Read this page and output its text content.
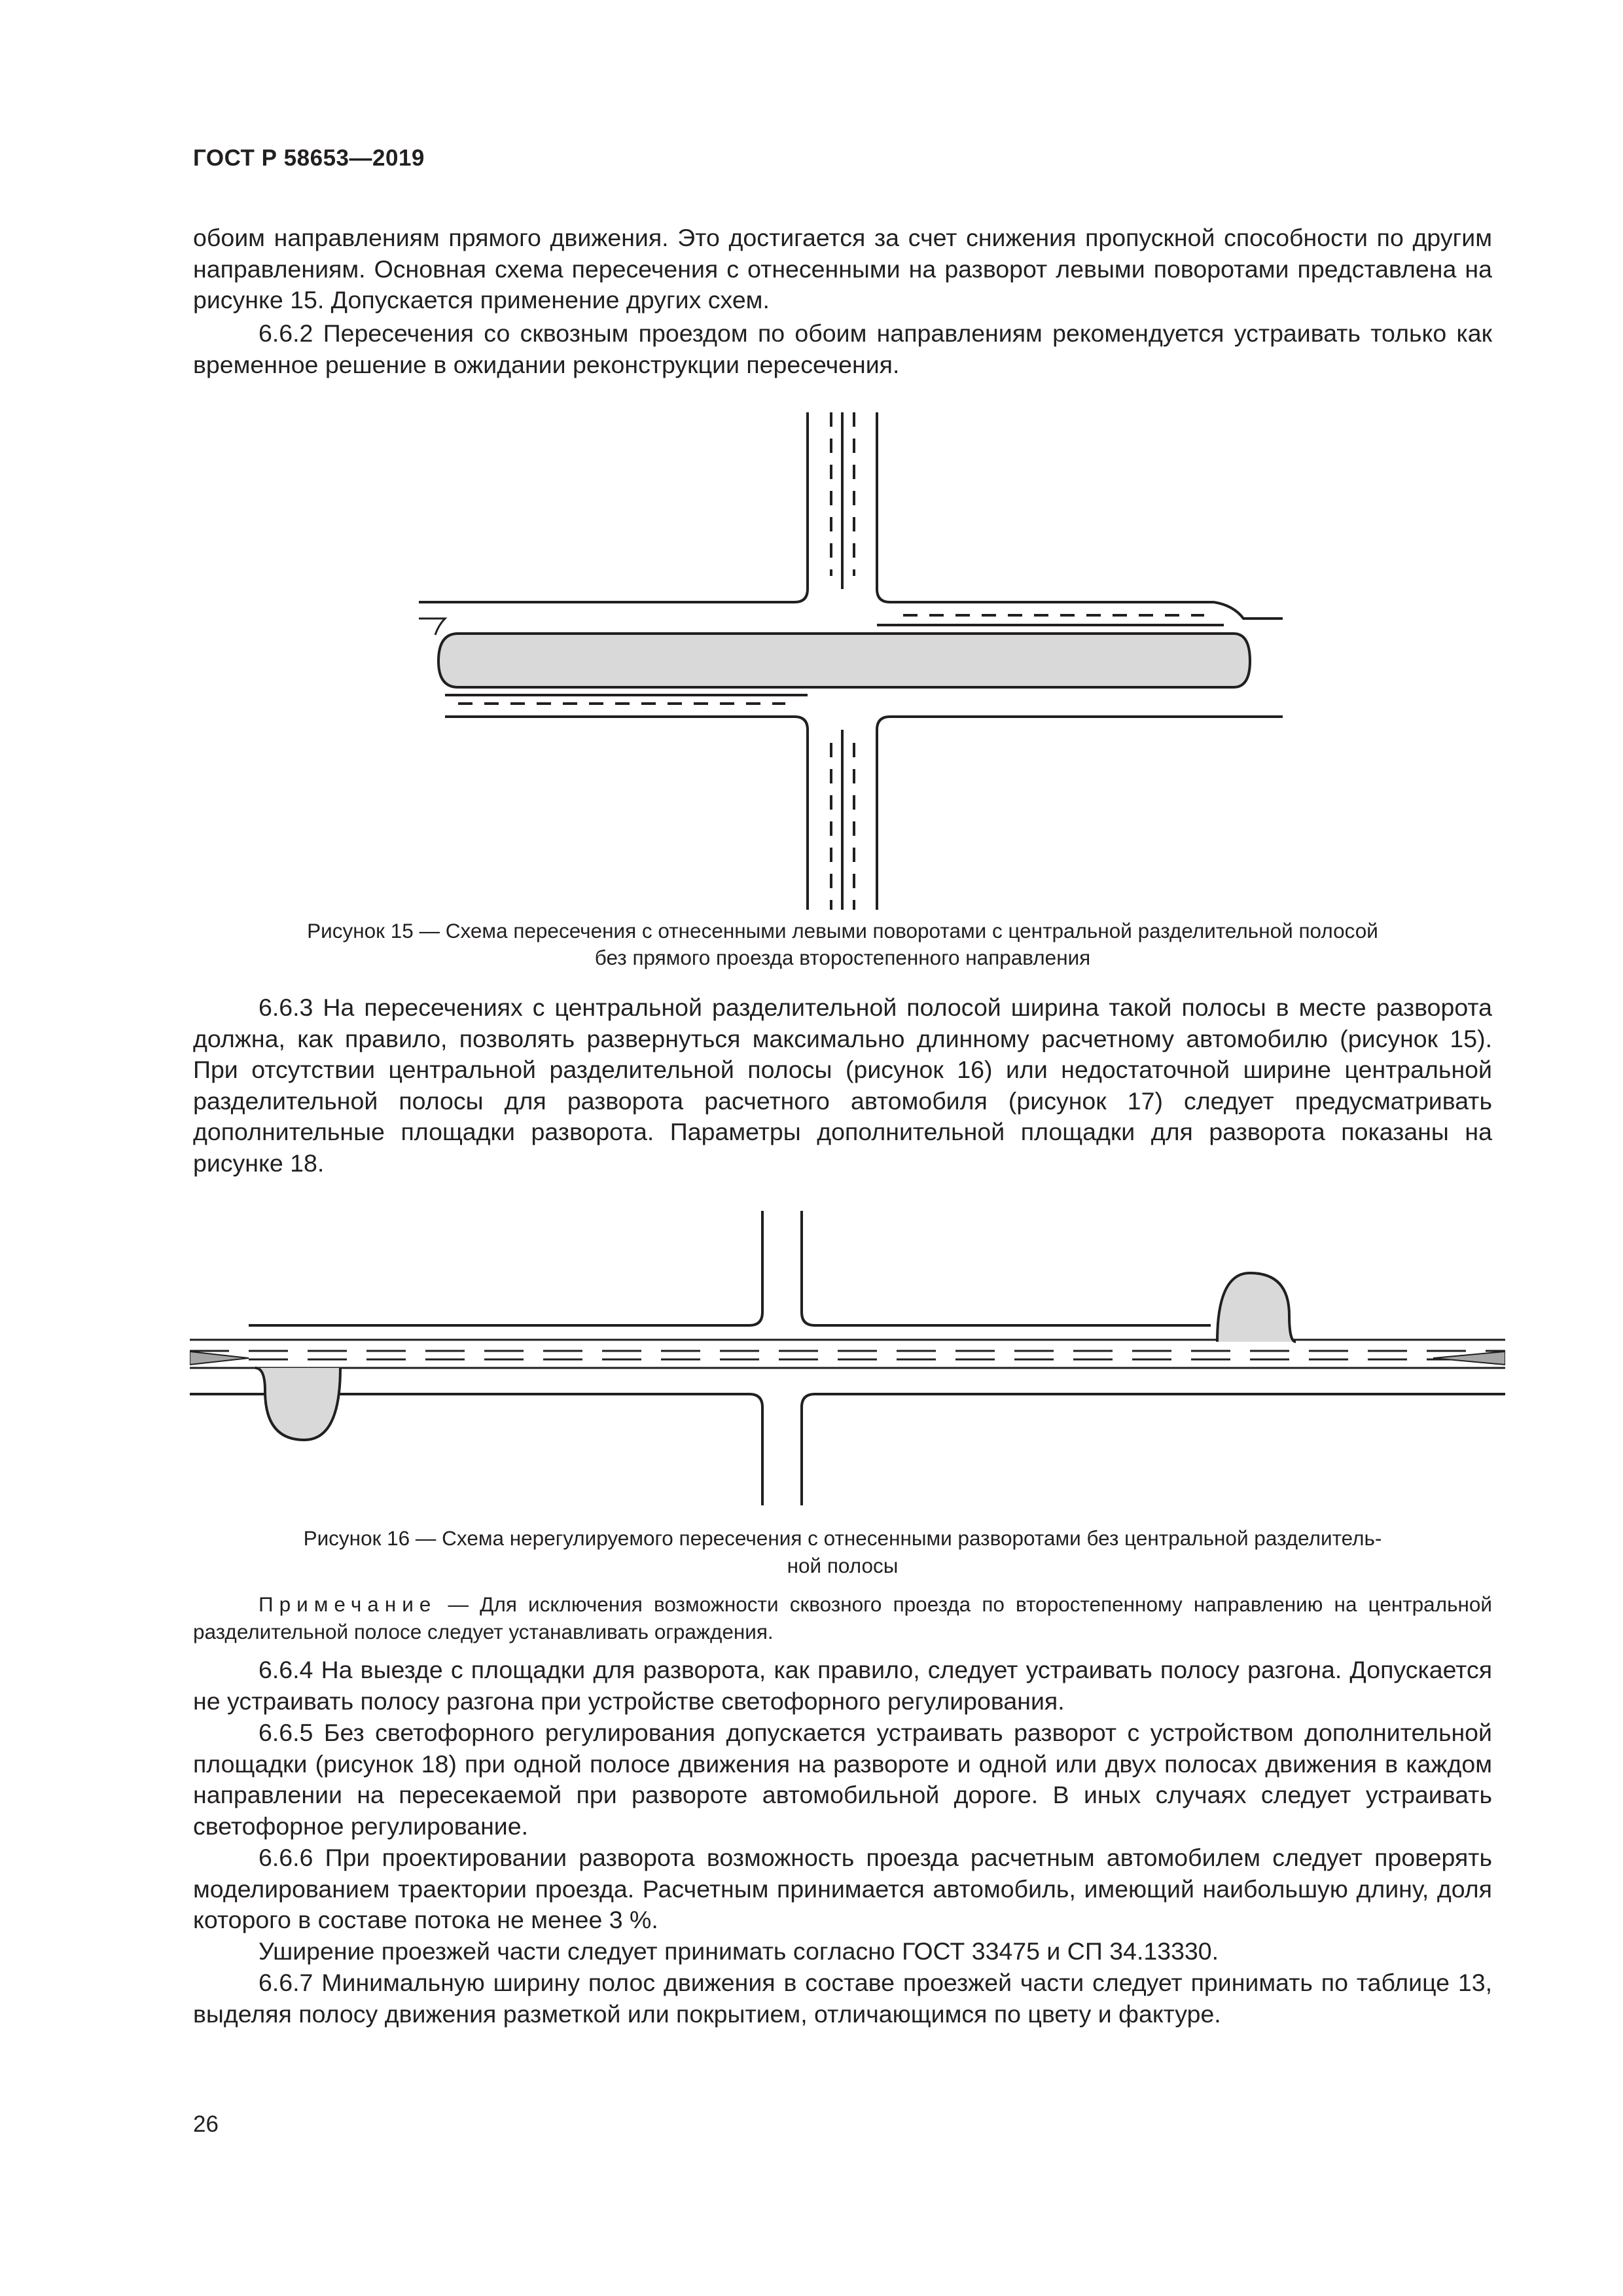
ГОСТ Р 58653—2019

обоим направлениям прямого движения. Это достигается за счет снижения пропускной способности по другим направлениям. Основная схема пересечения с отнесенными на разворот левыми поворотами представлена на рисунке 15. Допускается применение других схем.

6.6.2 Пересечения со сквозным проездом по обоим направлениям рекомендуется устраивать только как временное решение в ожидании реконструкции пересечения.

Рисунок 15 — Схема пересечения с отнесенными левыми поворотами с центральной разделительной полосой

без прямого проезда второстепенного направления

6.6.3 На пересечениях с центральной разделительной полосой ширина такой полосы в месте разворота должна, как правило, позволять развернуться максимально длинному расчетному автомобилю (рисунок 15). При отсутствии центральной разделительной полосы (рисунок 16) или недостаточной ширине центральной разделительной полосы для разворота расчетного автомобиля (рисунок 17) следует предусматривать дополнительные площадки разворота. Параметры дополнительной площадки для разворота показаны на рисунке 18.

Рисунок 16 — Схема нерегулируемого пересечения с отнесенными разворотами без центральной разделитель-

ной полосы

Примечание — Для исключения возможности сквозного проезда по второстепенному направлению на центральной разделительной полосе следует устанавливать ограждения.

6.6.4 На выезде с площадки для разворота, как правило, следует устраивать полосу разгона. Допускается не устраивать полосу разгона при устройстве светофорного регулирования.

6.6.5 Без светофорного регулирования допускается устраивать разворот с устройством дополнительной площадки (рисунок 18) при одной полосе движения на развороте и одной или двух полосах движения в каждом направлении на пересекаемой при развороте автомобильной дороге. В иных случаях следует устраивать светофорное регулирование.

6.6.6 При проектировании разворота возможность проезда расчетным автомобилем следует проверять моделированием траектории проезда. Расчетным принимается автомобиль, имеющий наибольшую длину, доля которого в составе потока не менее 3 %.

Уширение проезжей части следует принимать согласно ГОСТ 33475 и СП 34.13330.

6.6.7 Минимальную ширину полос движения в составе проезжей части следует принимать по таблице 13, выделяя полосу движения разметкой или покрытием, отличающимся по цвету и фактуре.

26
